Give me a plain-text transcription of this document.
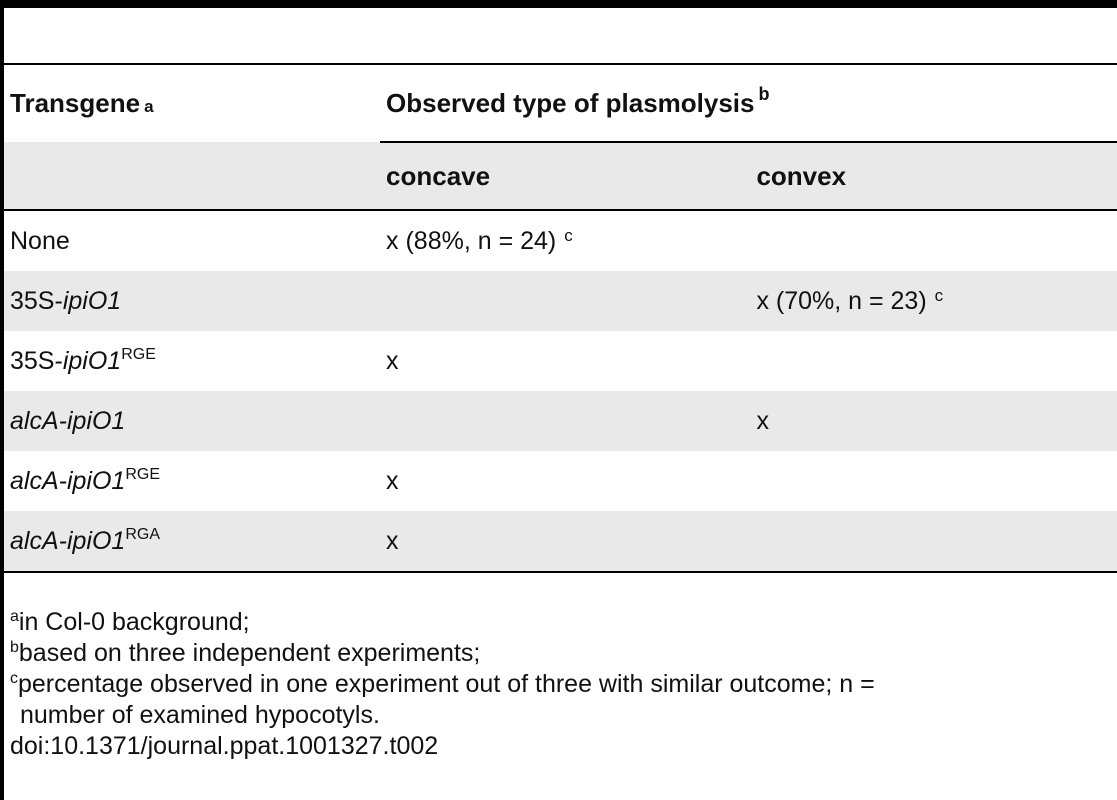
Transgene a	Observed type of plasmolysis $^b$
	concave	convex
None	x (88%, n = 24) $^c$	
35S-ipiO1		x (70%, n = 23) $^c$
$35S-ipiO1^{RGE}$	x	
alcA-ipiO1		x
alcA-$ipiO1^{RGE}$	x	
alcA-$ipiO1^{RGA}$	x	
$^a$in Col-0 background;
$^b$based on three independent experiments;
$^c$percentage observed in one experiment out of three with similar outcome; n =
number of examined hypocotyls.
doi:10.1371/journal.ppat.1001327.t002
